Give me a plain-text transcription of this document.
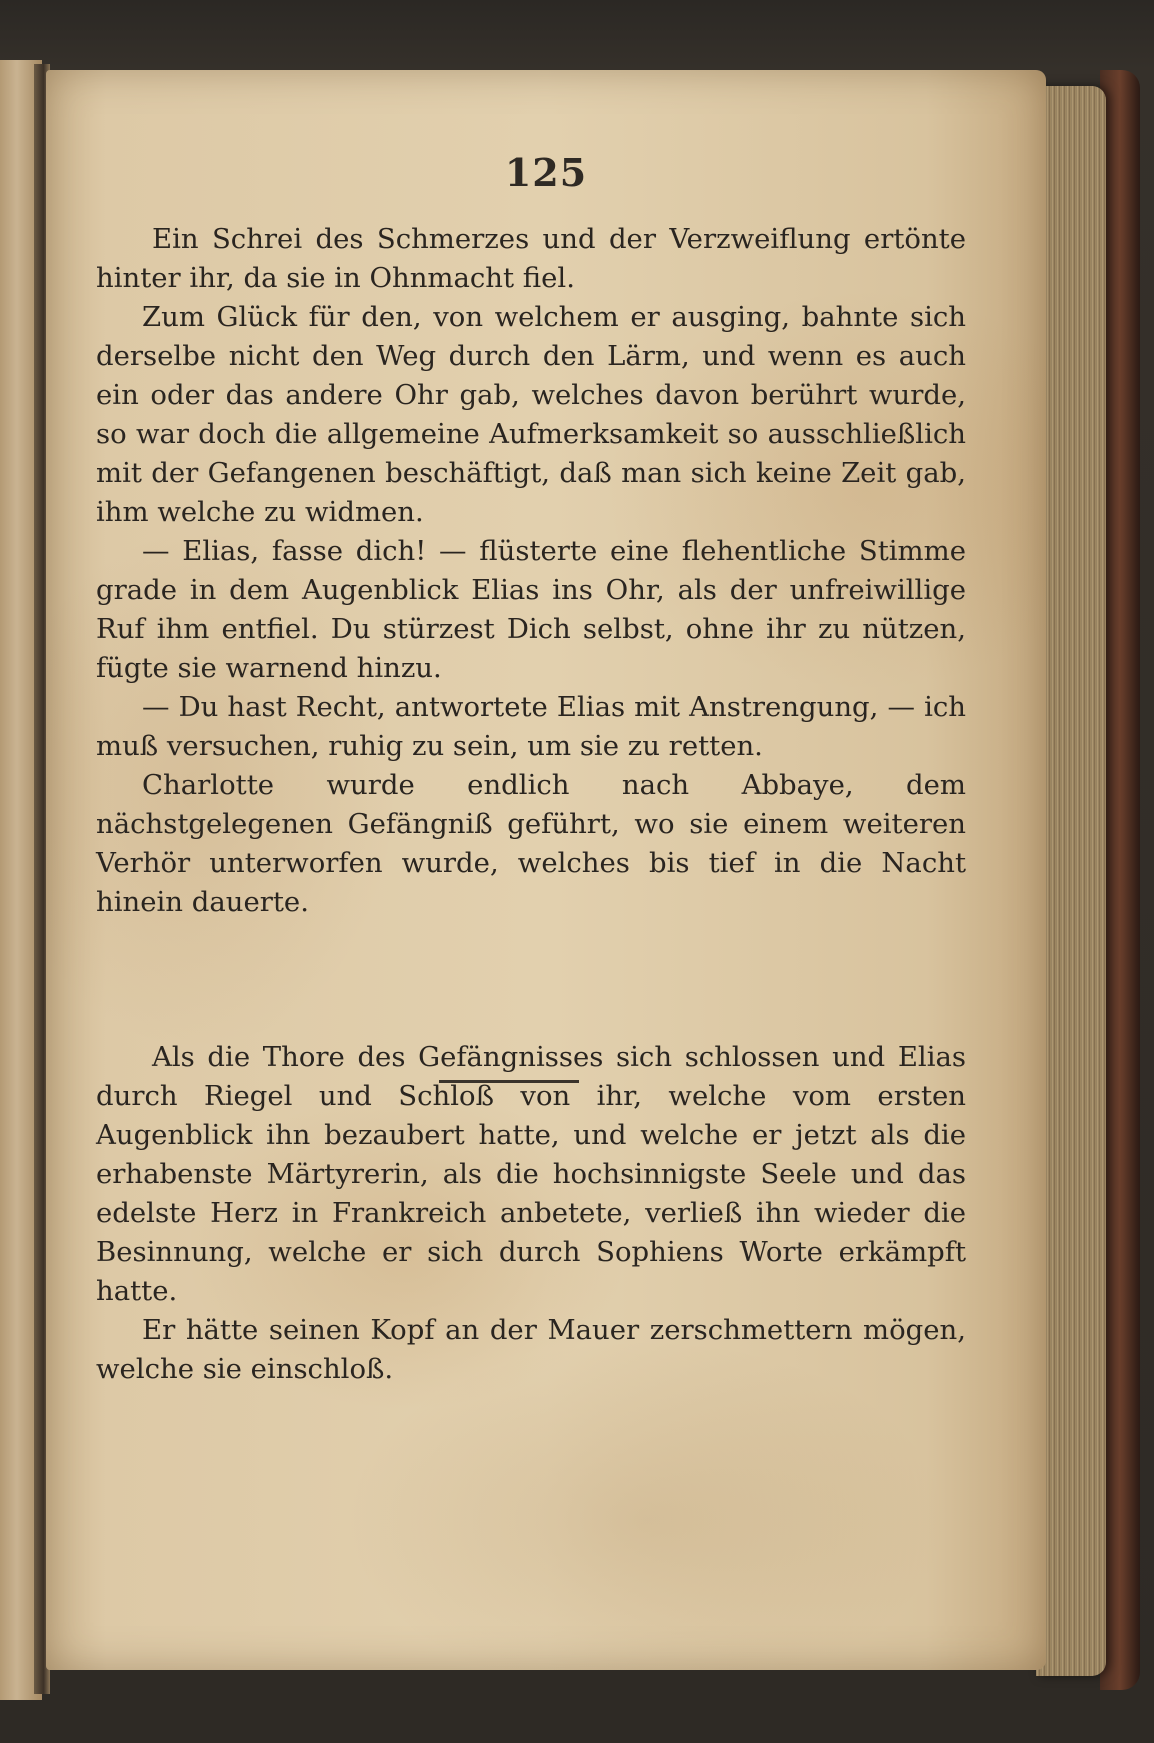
125

Ein Schrei des Schmerzes und der Verzweiflung ertönte hinter ihr, da sie in Ohnmacht fiel.

Zum Glück für den, von welchem er ausging, bahnte sich derselbe nicht den Weg durch den Lärm, und wenn es auch ein oder das andere Ohr gab, welches davon berührt wurde, so war doch die allgemeine Aufmerksamkeit so ausschließlich mit der Gefangenen beschäftigt, daß man sich keine Zeit gab, ihm welche zu widmen.

— Elias, fasse dich! — flüsterte eine flehentliche Stimme grade in dem Augenblick Elias ins Ohr, als der unfreiwillige Ruf ihm entfiel. Du stürzest Dich selbst, ohne ihr zu nützen, fügte sie warnend hinzu.

— Du hast Recht, antwortete Elias mit Anstrengung, — ich muß versuchen, ruhig zu sein, um sie zu retten.

Charlotte wurde endlich nach Abbaye, dem nächstgelegenen Gefängniß geführt, wo sie einem weiteren Verhör unterworfen wurde, welches bis tief in die Nacht hinein dauerte.

Als die Thore des Gefängnisses sich schlossen und Elias durch Riegel und Schloß von ihr, welche vom ersten Augenblick ihn bezaubert hatte, und welche er jetzt als die erhabenste Märtyrerin, als die hochsinnigste Seele und das edelste Herz in Frankreich anbetete, verließ ihn wieder die Besinnung, welche er sich durch Sophiens Worte erkämpft hatte.

Er hätte seinen Kopf an der Mauer zerschmettern mögen, welche sie einschloß.
